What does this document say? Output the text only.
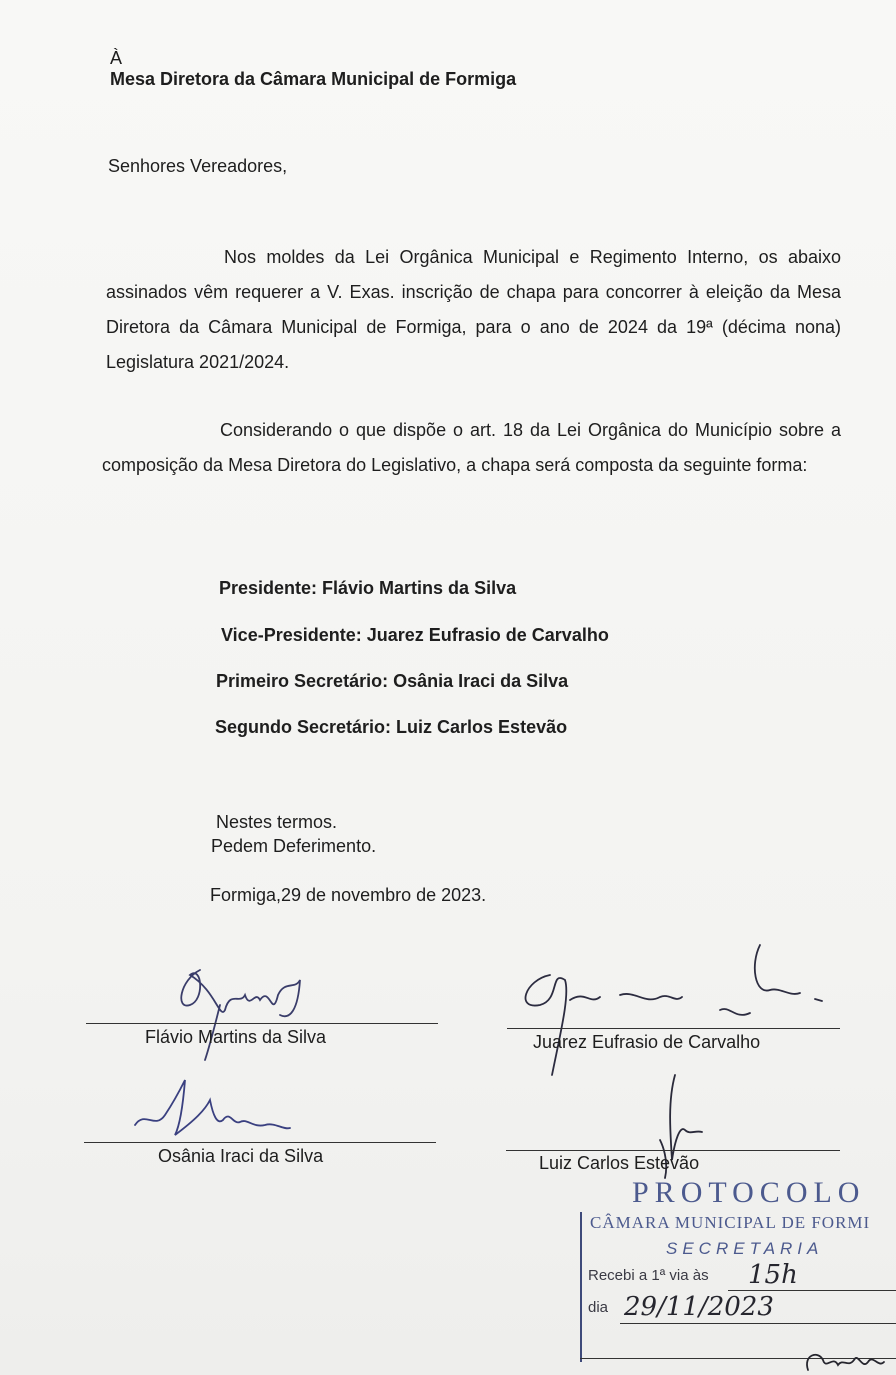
À
Mesa Diretora da Câmara Municipal de Formiga
Senhores Vereadores,

Nos moldes da Lei Orgânica Municipal e Regimento Interno, os abaixo assinados vêm requerer a V. Exas. inscrição de chapa para concorrer à eleição da Mesa Diretora da Câmara Municipal de Formiga, para o ano de 2024 da 19ª (décima nona) Legislatura 2021/2024.

Considerando o que dispõe o art. 18 da Lei Orgânica do Município sobre a composição da Mesa Diretora do Legislativo, a chapa será composta da seguinte forma:

Presidente: Flávio Martins da Silva
Vice-Presidente: Juarez Eufrasio de Carvalho
Primeiro Secretário: Osânia Iraci da Silva
Segundo Secretário: Luiz Carlos Estevão
Nestes termos.
Pedem Deferimento.
Formiga,29 de novembro de 2023.
Flávio Martins da Silva	Juarez Eufrasio de Carvalho
Osânia Iraci da Silva	Luiz Carlos Estevão
PROTOCOLO
CÂMARA MUNICIPAL DE FORMI
SECRETARIA
Recebi a 1ª via às 15h
dia 29/11/2023
